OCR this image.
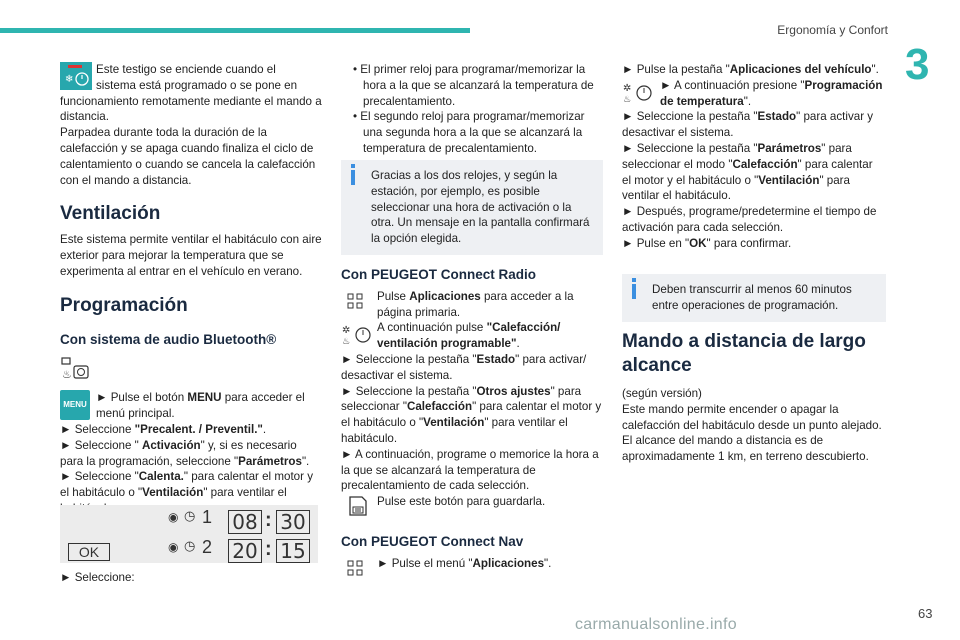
Ergonomía y Confort
3
❄

Este testigo se enciende cuando el

sistema está programado o se pone en

funcionamiento remotamente mediante el mando a distancia.

Parpadea durante toda la duración de la calefacción y se apaga cuando finaliza el ciclo de calentamiento o cuando se cancela la calefacción con el mando a distancia.

Ventilación

Este sistema permite ventilar el habitáculo con aire exterior para mejorar la temperatura que se experimenta al entrar en el vehículo en verano.

Programación
Con sistema de audio Bluetooth®
♨
MENU

► Pulse el botón MENU para acceder el menú principal.

► Seleccione "Precalent. / Preventil.".

► Seleccione " Activación" y, si es necesario para la programación, seleccione "Parámetros".

► Seleccione "Calenta." para calentar el motor y el habitáculo o "Ventilación" para ventilar el

◉ ◷ 1 08 : 30
OK	◉ ◷ 2 20 : 15
► Seleccione:

• El primer reloj para programar/memorizar la hora a la que se alcanzará la temperatura de precalentamiento.

• El segundo reloj para programar/memorizar una segunda hora a la que se alcanzará la temperatura de precalentamiento.

Gracias a los dos relojes, y según la estación, por ejemplo, es posible seleccionar una hora de activación o la otra. Un mensaje en la pantalla confirmará la opción elegida.
Con PEUGEOT Connect Radio

Pulse Aplicaciones para acceder a la página primaria.

✲
♨

A continuación pulse "Calefacción/ ventilación programable".

► Seleccione la pestaña "Estado" para activar/ desactivar el sistema.

► Seleccione la pestaña "Otros ajustes" para seleccionar "Calefacción" para calentar el motor y el habitáculo o "Ventilación" para ventilar el habitáculo.

► A continuación, programe o memorice la hora a la que se alcanzará la temperatura de precalentamiento de cada selección.

Pulse este botón para guardarla.

Con PEUGEOT Connect Nav

► Pulse el menú "Aplicaciones".

► Pulse la pestaña "Aplicaciones del vehículo".

✲
♨

► A continuación presione "Programación de temperatura".

► Seleccione la pestaña "Estado" para activar y desactivar el sistema.

► Seleccione la pestaña "Parámetros" para seleccionar el modo "Calefacción" para calentar el motor y el habitáculo o "Ventilación" para ventilar el habitáculo.

► Después, programe/predetermine el tiempo de activación para cada selección.

► Pulse en "OK" para confirmar.

Deben transcurrir al menos 60 minutos entre operaciones de programación.
Mando a distancia de largo alcance

(según versión)

Este mando permite encender o apagar la calefacción del habitáculo desde un punto alejado.

El alcance del mando a distancia es de aproximadamente 1 km, en terreno descubierto.

carmanualsonline.info
63
